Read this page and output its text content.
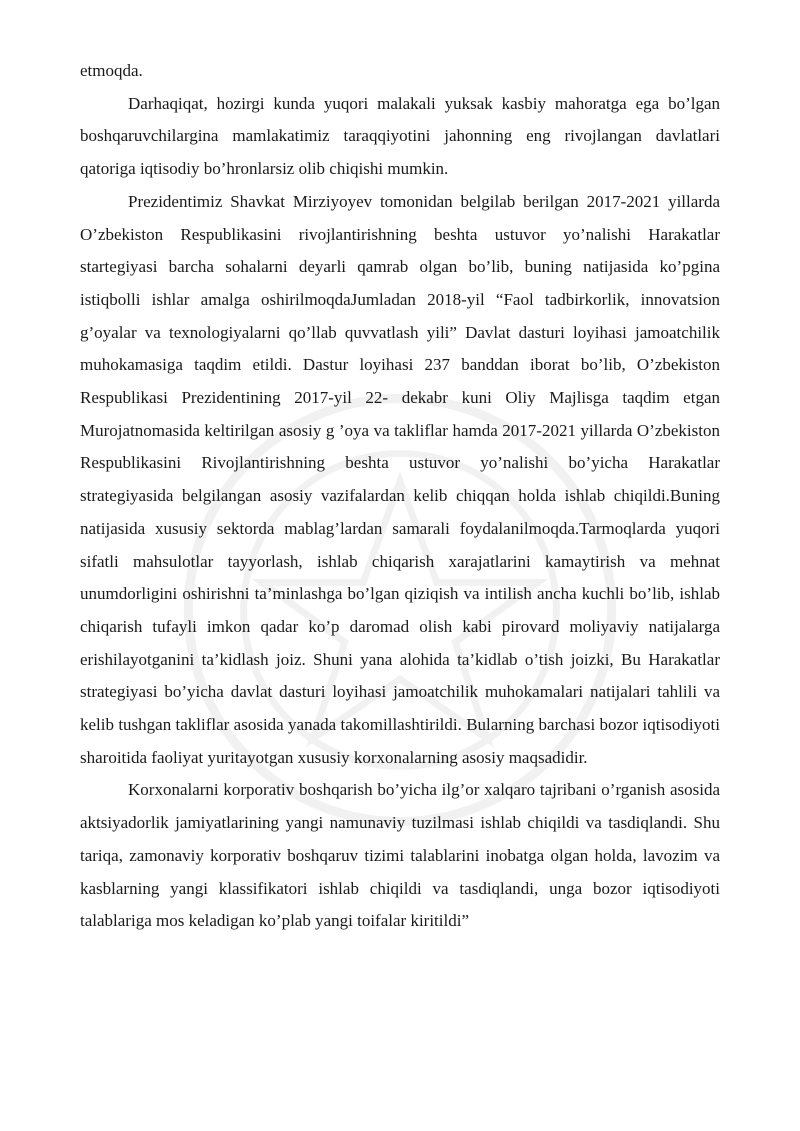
etmoqda.

Darhaqiqat, hozirgi kunda yuqori malakali yuksak kasbiy mahoratga ega bo’lgan boshqaruvchilargina mamlakatimiz taraqqiyotini jahonning eng rivojlangan davlatlari qatoriga iqtisodiy bo’hronlarsiz olib chiqishi mumkin.

Prezidentimiz Shavkat Mirziyoyev tomonidan belgilab berilgan 2017-2021 yillarda O’zbekiston Respublikasini rivojlantirishning beshta ustuvor yo’nalishi Harakatlar startegiyasi barcha sohalarni deyarli qamrab olgan bo’lib, buning natijasida ko’pgina istiqbolli ishlar amalga oshirilmoqdaJumladan 2018-yil “Faol tadbirkorlik, innovatsion g’oyalar va texnologiyalarni qo’llab quvvatlash yili” Davlat dasturi loyihasi jamoatchilik muhokamasiga taqdim etildi. Dastur loyihasi 237 banddan iborat bo’lib, O’zbekiston Respublikasi Prezidentining 2017-yil 22- dekabr kuni Oliy Majlisga taqdim etgan Murojatnomasida keltirilgan asosiy g ’oya va takliflar hamda 2017-2021 yillarda O’zbekiston Respublikasini Rivojlantirishning beshta ustuvor yo’nalishi bo’yicha Harakatlar strategiyasida belgilangan asosiy vazifalardan kelib chiqqan holda ishlab chiqildi.Buning natijasida xususiy sektorda mablag’lardan samarali foydalanilmoqda.Tarmoqlarda yuqori sifatli mahsulotlar tayyorlash, ishlab chiqarish xarajatlarini kamaytirish va mehnat unumdorligini oshirishni ta’minlashga bo’lgan qiziqish va intilish ancha kuchli bo’lib, ishlab chiqarish tufayli imkon qadar ko’p daromad olish kabi pirovard moliyaviy natijalarga erishilayotganini ta’kidlash joiz. Shuni yana alohida ta’kidlab o’tish joizki, Bu Harakatlar strategiyasi bo’yicha davlat dasturi loyihasi jamoatchilik muhokamalari natijalari tahlili va kelib tushgan takliflar asosida yanada takomillashtirildi. Bularning barchasi bozor iqtisodiyoti sharoitida faoliyat yuritayotgan xususiy korxonalarning asosiy maqsadidir.

Korxonalarni korporativ boshqarish bo’yicha ilg’or xalqaro tajribani o’rganish asosida aktsiyadorlik jamiyatlarining yangi namunaviy tuzilmasi ishlab chiqildi va tasdiqlandi. Shu tariqa, zamonaviy korporativ boshqaruv tizimi talablarini inobatga olgan holda, lavozim va kasblarning yangi klassifikatori ishlab chiqildi va tasdiqlandi, unga bozor iqtisodiyoti talablariga mos keladigan ko’plab yangi toifalar kiritildi”
